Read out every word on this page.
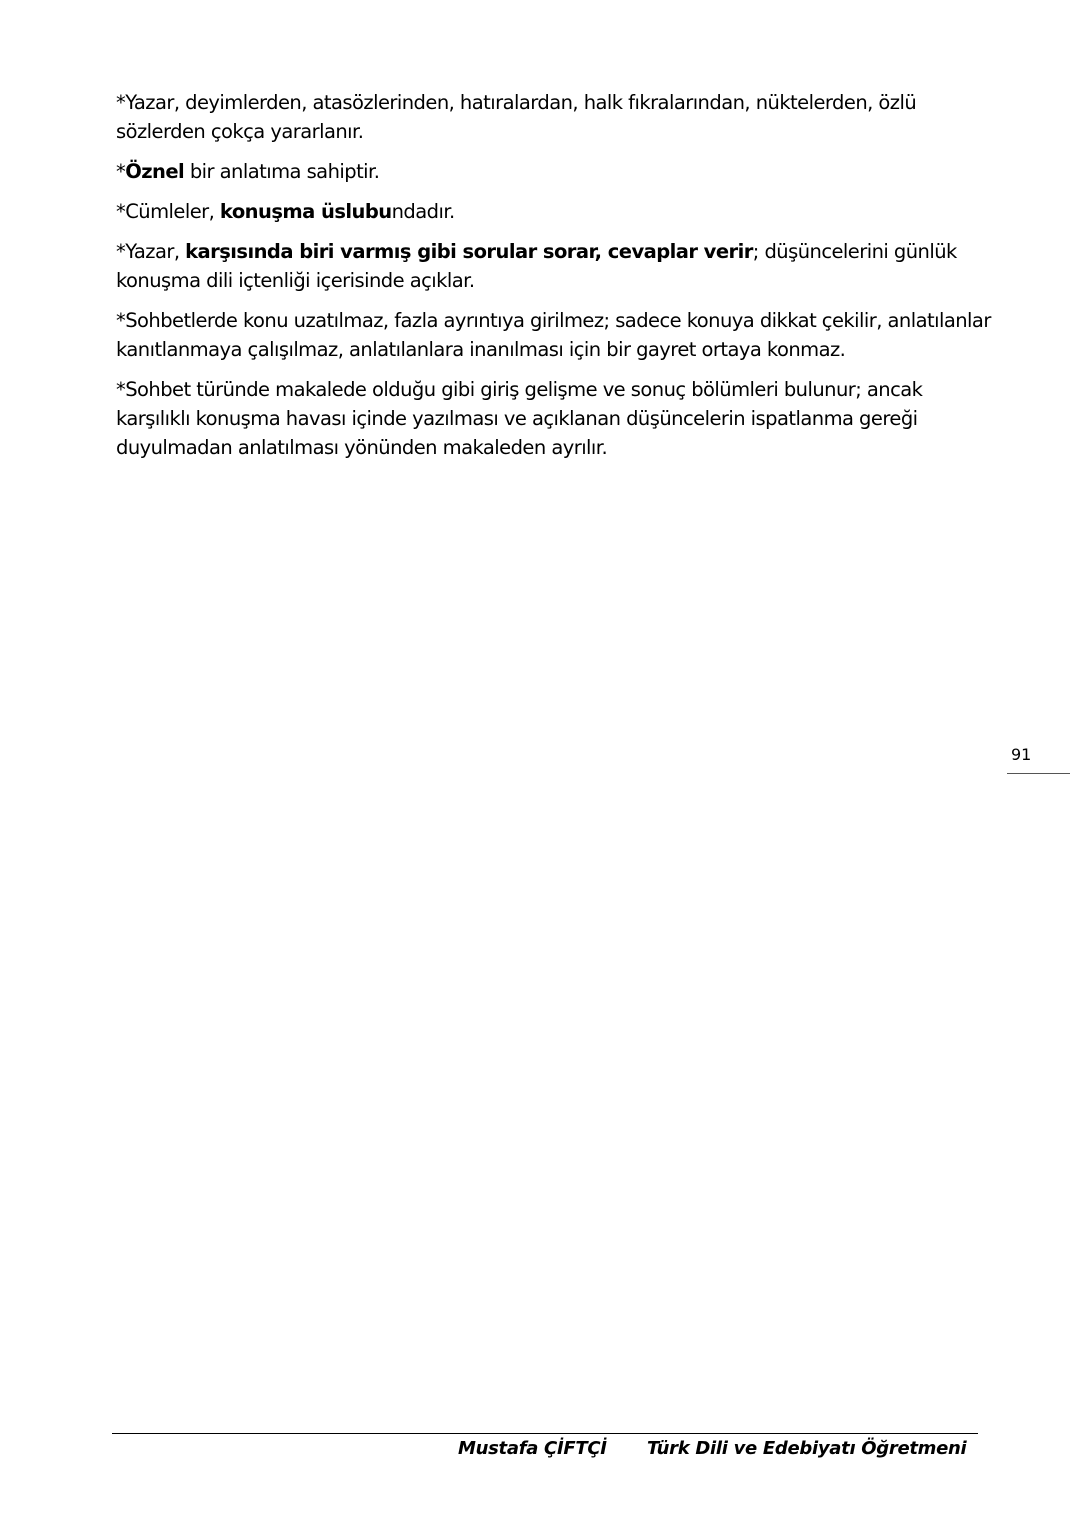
*Yazar, deyimlerden, atasözlerinden, hatıralardan, halk fıkralarından, nüktelerden, özlü sözlerden çokça yararlanır.

*Öznel bir anlatıma sahiptir.

*Cümleler, konuşma üslubundadır.

*Yazar, karşısında biri varmış gibi sorular sorar, cevaplar verir; düşüncelerini günlük konuşma dili içtenliği içerisinde açıklar.

*Sohbetlerde konu uzatılmaz, fazla ayrıntıya girilmez; sadece konuya dikkat çekilir, anlatılanlar kanıtlanmaya çalışılmaz, anlatılanlara inanılması için bir gayret ortaya konmaz.

*Sohbet türünde makalede olduğu gibi giriş gelişme ve sonuç bölümleri bulunur; ancak karşılıklı konuşma havası içinde yazılması ve açıklanan düşüncelerin ispatlanma gereği duyulmadan anlatılması yönünden makaleden ayrılır.

91
Mustafa ÇİFTÇİ Türk Dili ve Edebiyatı Öğretmeni
